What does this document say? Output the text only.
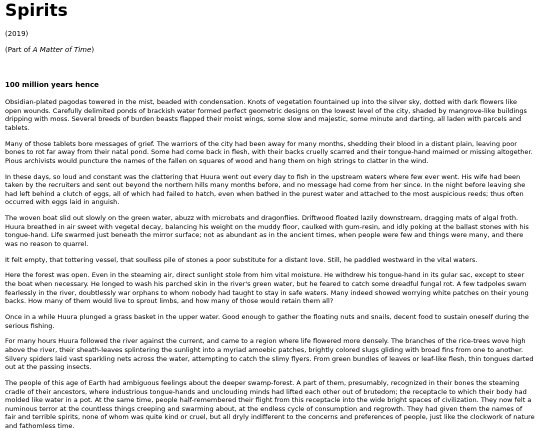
Spirits
(2019)
(Part of A Matter of Time)
100 million years hence

Obsidian-plated pagodas towered in the mist, beaded with condensation. Knots of vegetation fountained up into the silver sky, dotted with dark flowers like open wounds. Carefully delimited ponds of brackish water formed perfect geometric designs on the lowest level of the city, shaded by mangrove-like buildings dripping with moss. Several breeds of burden beasts flapped their moist wings, some slow and majestic, some minute and darting, all laden with parcels and tablets.

Many of those tablets bore messages of grief. The warriors of the city had been away for many months, shedding their blood in a distant plain, leaving poor bones to rot far away from their natal pond. Some had come back in flesh, with their backs cruelly scarred and their tongue-hand maimed or missing altogether. Pious archivists would puncture the names of the fallen on squares of wood and hang them on high strings to clatter in the wind.

In these days, so loud and constant was the clattering that Huura went out every day to fish in the upstream waters where few ever went. His wife had been taken by the recruiters and sent out beyond the northern hills many months before, and no message had come from her since. In the night before leaving she had left behind a clutch of eggs, all of which had failed to hatch, even when bathed in the purest water and attached to the most auspicious reeds; thus often occurred with eggs laid in anguish.

The woven boat slid out slowly on the green water, abuzz with microbats and dragonflies. Driftwood floated lazily downstream, dragging mats of algal froth. Huura breathed in air sweet with vegetal decay, balancing his weight on the muddy floor, caulked with gum-resin, and idly poking at the ballast stones with his tongue-hand. Life swarmed just beneath the mirror surface; not as abundant as in the ancient times, when people were few and things were many, and there was no reason to quarrel.

It felt empty, that tottering vessel, that soulless pile of stones a poor substitute for a distant love. Still, he paddled westward in the vital waters.

Here the forest was open. Even in the steaming air, direct sunlight stole from him vital moisture. He withdrew his tongue-hand in its gular sac, except to steer the boat when necessary. He longed to wash his parched skin in the river's green water, but he feared to catch some dreadful fungal rot. A few tadpoles swam fearlessly in the river, doubtlessly war orphans to whom nobody had taught to stay in safe waters. Many indeed showed worrying white patches on their young backs. How many of them would live to sprout limbs, and how many of those would retain them all?

Once in a while Huura plunged a grass basket in the upper water. Good enough to gather the floating nuts and snails, decent food to sustain oneself during the serious fishing.

For many hours Huura followed the river against the current, and came to a region where life flowered more densely. The branches of the rice-trees wove high above the river, their sheath-leaves splintering the sunlight into a myriad amoebic patches, brightly colored slugs gliding with broad fins from one to another. Silvery spiders laid vast sparkling nets across the water, attempting to catch the slimy flyers. From green bundles of leaves or leaf-like flesh, thin tongues darted out at the passing insects.

The people of this age of Earth had ambiguous feelings about the deeper swamp-forest. A part of them, presumably, recognized in their bones the steaming cradle of their ancestors, where industrious tongue-hands and unclouding minds had lifted each other out of brutedom; the receptacle to which their body had molded like water in a pot. At the same time, people half-remembered their flight from this receptacle into the wide bright spaces of civilization. They now felt a numinous terror at the countless things creeping and swarming about, at the endless cycle of consumption and regrowth. They had given them the names of fair and terrible spirits, none of whom was quite kind or cruel, but all dryly indifferent to the concerns and preferences of people, just like the clockwork of nature and fathomless time.
